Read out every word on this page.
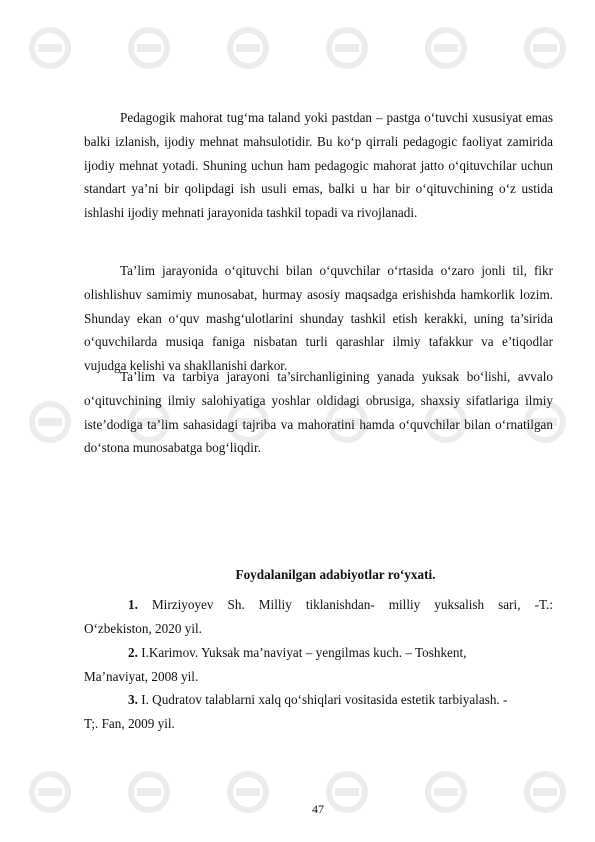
Pedagogik mahorat tug‘ma taland yoki pastdan – pastga o‘tuvchi xususiyat emas balki izlanish, ijodiy mehnat mahsulotidir. Bu ko‘p qirrali pedagogic faoliyat zamirida ijodiy mehnat yotadi. Shuning uchun ham pedagogic mahorat jatto o‘qituvchilar uchun standart ya’ni bir qolipdagi ish usuli emas, balki u har bir o‘qituvchining o‘z ustida ishlashi ijodiy mehnati jarayonida tashkil topadi va rivojlanadi.

Ta’lim jarayonida o‘qituvchi bilan o‘quvchilar o‘rtasida o‘zaro jonli til, fikr olishlishuv samimiy munosabat, hurmay asosiy maqsadga erishishda hamkorlik lozim. Shunday ekan o‘quv mashg‘ulotlarini shunday tashkil etish kerakki, uning ta’sirida o‘quvchilarda musiqa faniga nisbatan turli qarashlar ilmiy tafakkur va e’tiqodlar vujudga kelishi va shakllanishi darkor.

Ta’lim va tarbiya jarayoni ta’sirchanligining yanada yuksak bo‘lishi, avvalo o‘qituvchining ilmiy salohiyatiga yoshlar oldidagi obrusiga, shaxsiy sifatlariga ilmiy iste’dodiga ta’lim sahasidagi tajriba va mahoratini hamda o‘quvchilar bilan o‘rnatilgan do‘stona munosabatga bog‘liqdir.

Foydalanilgan adabiyotlar ro‘yxati.

1. Mirziyoyev Sh. Milliy tiklanishdan- milliy yuksalish sari, -T.:
O‘zbekiston, 2020 yil.

2. I.Karimov. Yuksak ma’naviyat – yengilmas kuch. – Toshkent,
Ma’naviyat, 2008 yil.

3. I. Qudratov talablarni xalq qo‘shiqlari vositasida estetik tarbiyalash. -
T;. Fan, 2009 yil.

47
